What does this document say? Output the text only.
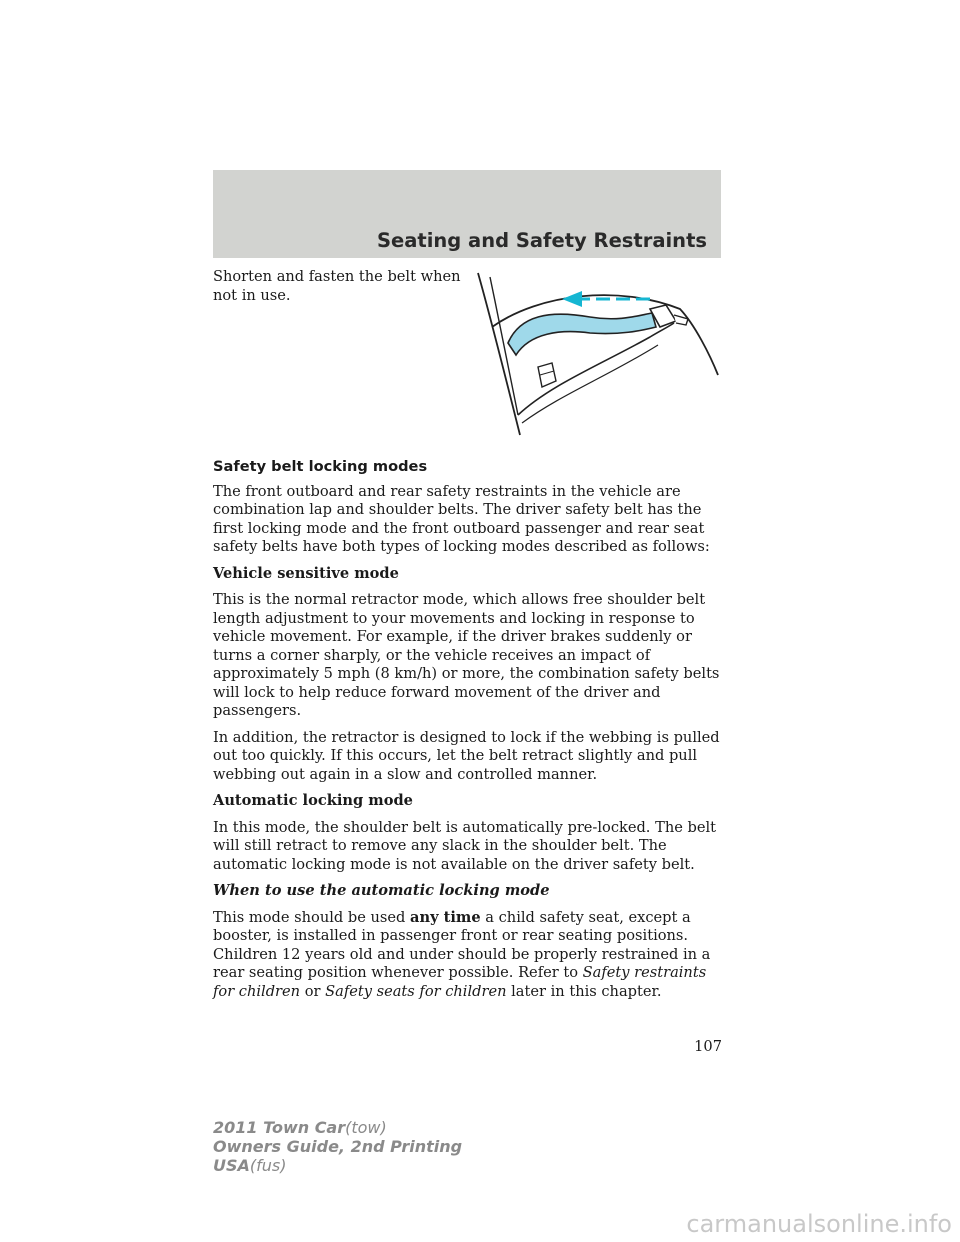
Seating and Safety Restraints
Shorten and fasten the belt when not in use.
Safety belt locking modes

The front outboard and rear safety restraints in the vehicle are combination lap and shoulder belts. The driver safety belt has the first locking mode and the front outboard passenger and rear seat safety belts have both types of locking modes described as follows:

Vehicle sensitive mode

This is the normal retractor mode, which allows free shoulder belt length adjustment to your movements and locking in response to vehicle movement. For example, if the driver brakes suddenly or turns a corner sharply, or the vehicle receives an impact of approximately 5 mph (8 km/h) or more, the combination safety belts will lock to help reduce forward movement of the driver and passengers.

In addition, the retractor is designed to lock if the webbing is pulled out too quickly. If this occurs, let the belt retract slightly and pull webbing out again in a slow and controlled manner.

Automatic locking mode

In this mode, the shoulder belt is automatically pre-locked. The belt will still retract to remove any slack in the shoulder belt. The automatic locking mode is not available on the driver safety belt.

When to use the automatic locking mode

This mode should be used any time a child safety seat, except a booster, is installed in passenger front or rear seating positions. Children 12 years old and under should be properly restrained in a rear seating position whenever possible. Refer to Safety restraints for children or Safety seats for children later in this chapter.

107
2011 Town Car(tow)
Owners Guide, 2nd Printing
USA(fus)
carmanualsonline.info
